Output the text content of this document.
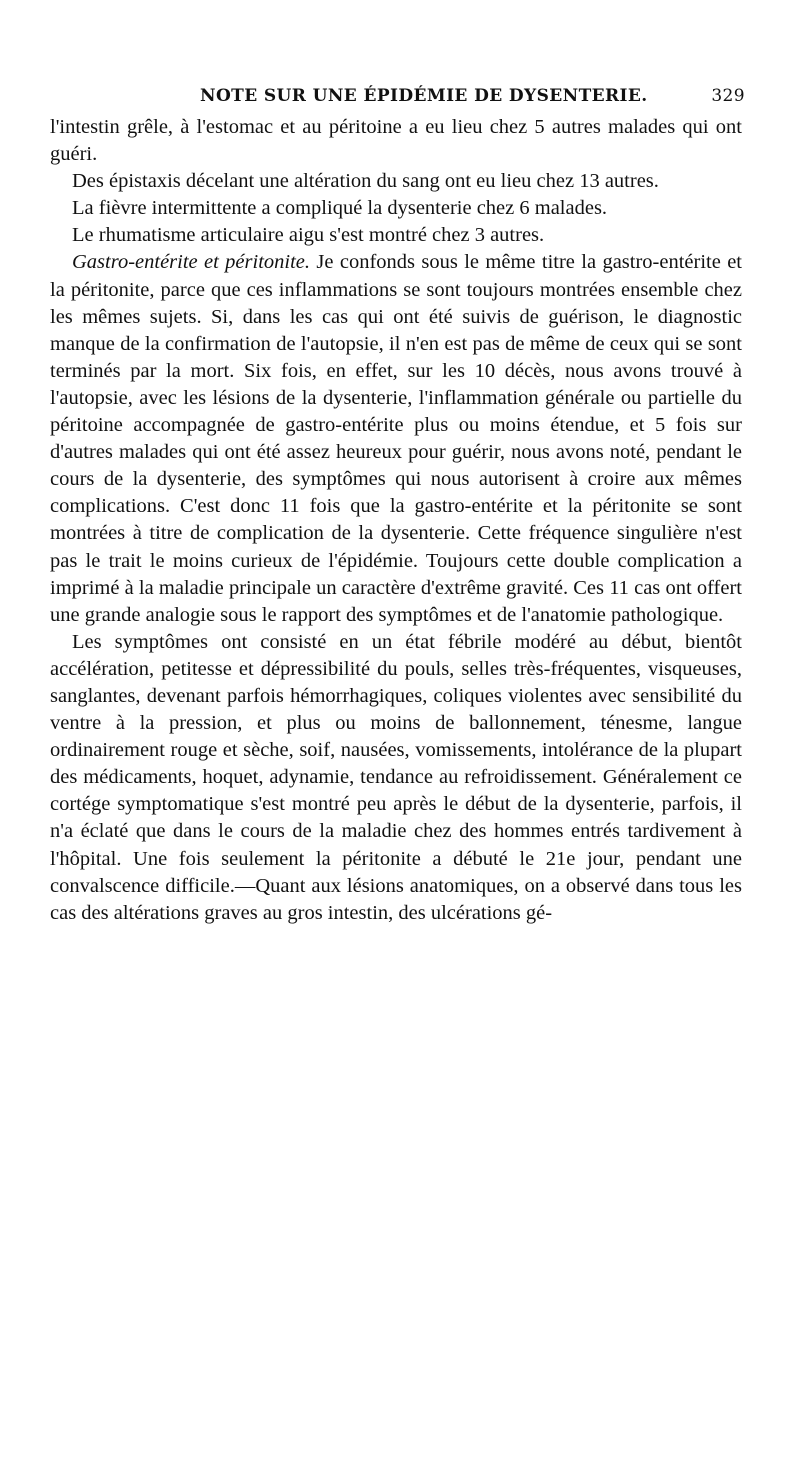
NOTE SUR UNE ÉPIDÉMIE DE DYSENTERIE.	329

l'intestin grêle, à l'estomac et au péritoine a eu lieu chez 5 autres malades qui ont guéri.

Des épistaxis décelant une altération du sang ont eu lieu chez 13 autres.

La fièvre intermittente a compliqué la dysenterie chez 6 malades.

Le rhumatisme articulaire aigu s'est montré chez 3 autres.

Gastro-entérite et péritonite. Je confonds sous le même titre la gastro-entérite et la péritonite, parce que ces inflammations se sont toujours montrées ensemble chez les mêmes sujets. Si, dans les cas qui ont été suivis de guérison, le diagnostic manque de la confirmation de l'autopsie, il n'en est pas de même de ceux qui se sont terminés par la mort. Six fois, en effet, sur les 10 décès, nous avons trouvé à l'autopsie, avec les lésions de la dysenterie, l'inflammation générale ou partielle du péritoine accompagnée de gastro-entérite plus ou moins étendue, et 5 fois sur d'autres malades qui ont été assez heureux pour guérir, nous avons noté, pendant le cours de la dysenterie, des symptômes qui nous autorisent à croire aux mêmes complications. C'est donc 11 fois que la gastro-entérite et la péritonite se sont montrées à titre de complication de la dysenterie. Cette fréquence singulière n'est pas le trait le moins curieux de l'épidémie. Toujours cette double complication a imprimé à la maladie principale un caractère d'extrême gravité. Ces 11 cas ont offert une grande analogie sous le rapport des symptômes et de l'anatomie pathologique.

Les symptômes ont consisté en un état fébrile modéré au début, bientôt accélération, petitesse et dépressibilité du pouls, selles très-fréquentes, visqueuses, sanglantes, devenant parfois hémorrhagiques, coliques violentes avec sensibilité du ventre à la pression, et plus ou moins de ballonnement, ténesme, langue ordinairement rouge et sèche, soif, nausées, vomissements, intolérance de la plupart des médicaments, hoquet, adynamie, tendance au refroidissement. Généralement ce cortége symptomatique s'est montré peu après le début de la dysenterie, parfois, il n'a éclaté que dans le cours de la maladie chez des hommes entrés tardivement à l'hôpital. Une fois seulement la péritonite a débuté le 21e jour, pendant une convalscence difficile.—Quant aux lésions anatomiques, on a observé dans tous les cas des altérations graves au gros intestin, des ulcérations gé-
